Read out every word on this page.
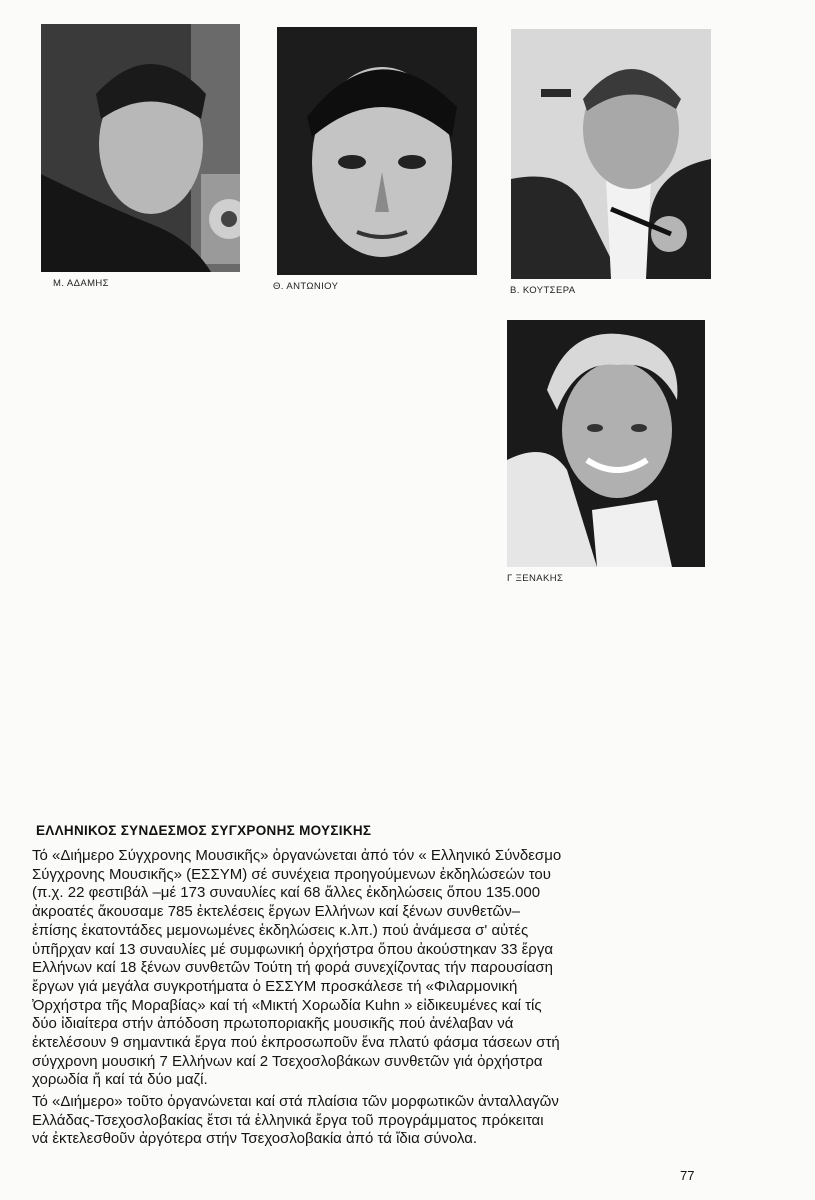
Μ. ΑΔΑΜΗΣ	Θ. ΑΝΤΩΝΙΟΥ	Β. ΚΟΥΤΣΕΡΑ
Γ ΞΕΝΑΚΗΣ
ΕΛΛΗΝΙΚΟΣ ΣΥΝΔΕΣΜΟΣ ΣΥΓΧΡΟΝΗΣ ΜΟΥΣΙΚΗΣ
Τό «Διήμερο Σύγχρονης Μουσικῆς» ὀργανώνεται ἀπό τόν « Ελληνικό Σύνδεσμο
Σύγχρονης Μουσικῆς» (ΕΣΣΥΜ) σέ συνέχεια προηγούμενων ἐκδηλώσεών του
(π.χ. 22 φεστιβάλ –μέ 173 συναυλίες καί 68 ἄλλες ἐκδηλώσεις ὅπου 135.000
ἀκροατές ἄκουσαμε 785 ἐκτελέσεις ἔργων Ελλήνων καί ξένων συνθετῶν–
ἐπίσης ἑκατοντάδες μεμονωμένες ἐκδηλώσεις κ.λπ.) πού ἀνάμεσα σ' αὐτές
ὑπῆρχαν καί 13 συναυλίες μέ συμφωνική ὀρχήστρα ὅπου ἀκούστηκαν 33 ἔργα
Ελλήνων καί 18 ξένων συνθετῶν Τούτη τή φορά συνεχίζοντας τήν παρουσίαση
ἔργων γιά μεγάλα συγκροτήματα ὁ ΕΣΣΥΜ προσκάλεσε τή «Φιλαρμονική
Ὀρχήστρα τῆς Μοραβίας» καί τή «Μικτή Χορωδία Kuhn » εἰδικευμένες καί τίς
δύο ἰδιαίτερα στήν ἀπόδοση πρωτοποριακῆς μουσικῆς πού ἀνέλαβαν νά
ἐκτελέσουν 9 σημαντικά ἔργα πού ἐκπροσωποῦν ἕνα πλατύ φάσμα τάσεων στή
σύγχρονη μουσική 7 Ελλήνων καί 2 Τσεχοσλοβάκων συνθετῶν γιά ὀρχήστρα
χορωδία ἤ καί τά δύο μαζί.
Τό «Διήμερο» τοῦτο ὀργανώνεται καί στά πλαίσια τῶν μορφωτικῶν ἀνταλλαγῶν
Ελλάδας-Τσεχοσλοβακίας ἔτσι τά ἑλληνικά ἔργα τοῦ προγράμματος πρόκειται
νά ἐκτελεσθοῦν ἀργότερα στήν Τσεχοσλοβακία ἀπό τά ἴδια σύνολα.
77
